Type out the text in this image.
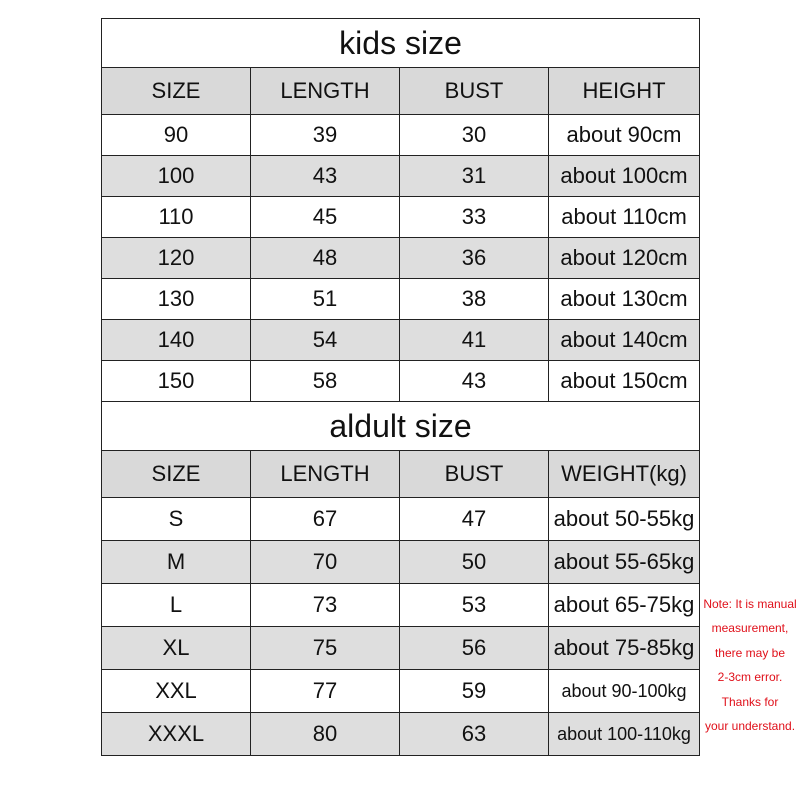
kids size			
SIZE	LENGTH	BUST	HEIGHT
90	39	30	about 90cm
100	43	31	about 100cm
110	45	33	about 110cm
120	48	36	about 120cm
130	51	38	about 130cm
140	54	41	about 140cm
150	58	43	about 150cm
aldult size			
SIZE	LENGTH	BUST	WEIGHT(kg)
S	67	47	about 50-55kg
M	70	50	about 55-65kg
L	73	53	about 65-75kg
XL	75	56	about 75-85kg
XXL	77	59	about 90-100kg
XXXL	80	63	about 100-110kg
Note: It is manual
measurement,
there may be
2-3cm error.
Thanks for
your understand.
